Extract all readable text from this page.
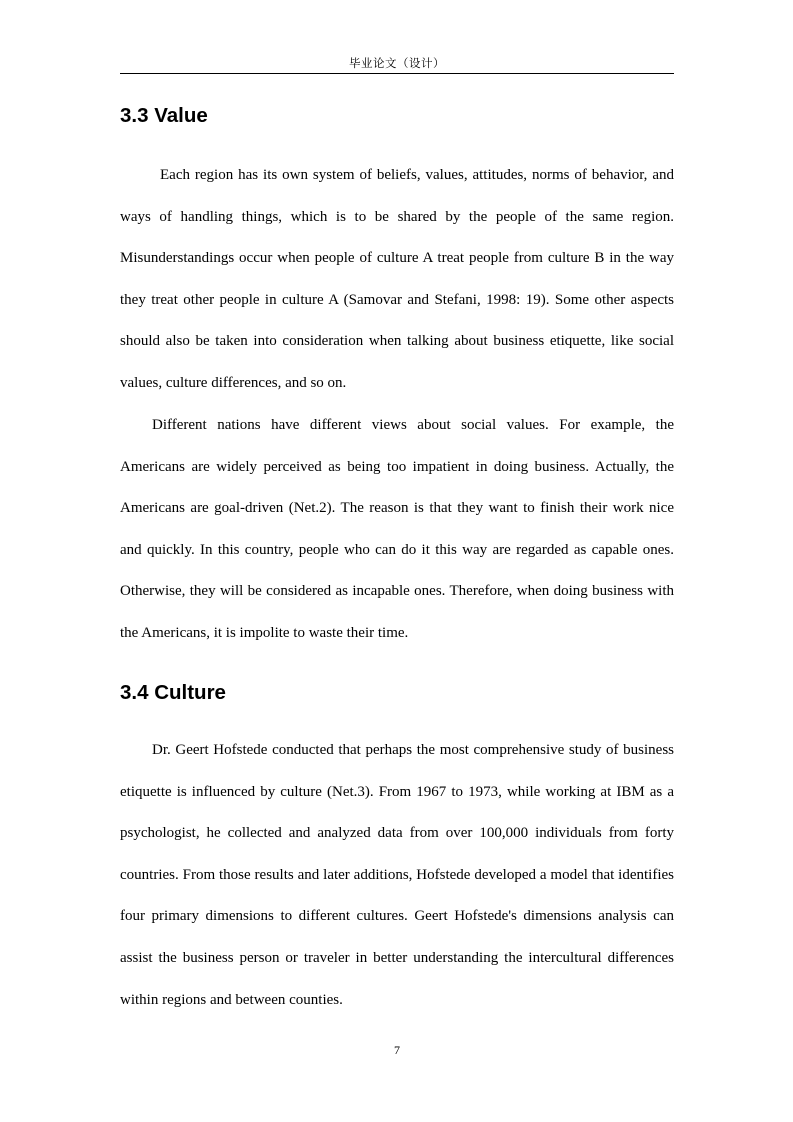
毕业论文（设计）
3.3 Value

Each region has its own system of beliefs, values, attitudes, norms of behavior, and ways of handling things, which is to be shared by the people of the same region. Misunderstandings occur when people of culture A treat people from culture B in the way they treat other people in culture A (Samovar and Stefani, 1998: 19). Some other aspects should also be taken into consideration when talking about business etiquette, like social values, culture differences, and so on.

Different nations have different views about social values. For example, the Americans are widely perceived as being too impatient in doing business. Actually, the Americans are goal-driven (Net.2). The reason is that they want to finish their work nice and quickly. In this country, people who can do it this way are regarded as capable ones. Otherwise, they will be considered as incapable ones. Therefore, when doing business with the Americans, it is impolite to waste their time.

3.4 Culture

Dr. Geert Hofstede conducted that perhaps the most comprehensive study of business etiquette is influenced by culture (Net.3). From 1967 to 1973, while working at IBM as a psychologist, he collected and analyzed data from over 100,000 individuals from forty countries. From those results and later additions, Hofstede developed a model that identifies four primary dimensions to different cultures. Geert Hofstede's dimensions analysis can assist the business person or traveler in better understanding the intercultural differences within regions and between counties.

7
